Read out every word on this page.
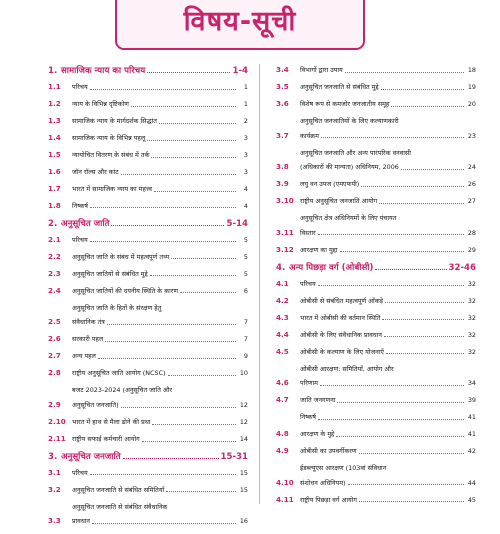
विषय-सूची
1. सामाजिक न्याय का परिचय	1-4
1.1	परिचय	1
1.2	न्याय के विभिन्न दृष्टिकोण	1
1.3	सामाजिक न्याय के मार्गदर्शक सिद्धांत	2
1.4	सामाजिक न्याय के विभिन्न पहलू	3
1.5	न्यायोचित वितरण के संबंध में तर्क	3
1.6	जॉन रॉल्स और कांट	3
1.7	भारत में सामाजिक न्याय का महत्त्व	4
1.8	निष्कर्ष	4
2. अनुसूचित जाति	5-14
2.1	परिचय	5
2.2	अनुसूचित जाति के संबंध में महत्वपूर्ण तथ्य	5
2.3	अनुसूचित जातियों से संबंधित मुद्दे	5
2.4	अनुसूचित जातियों की दयनीय स्थिति के कारण	6
2.5
अनुसूचित जाति के हितों के संरक्षण हेतु
संवैधानिक तंत्र	7
2.6	सरकारी पहल	7
2.7	अन्य पहल	9
2.8	राष्ट्रीय अनुसूचित जाति आयोग (NCSC)	10
2.9
बजट 2023-2024 (अनुसूचित जाति और
अनुसूचित जनजाति)	12
2.10 भारत में हाथ से मैला ढोने की प्रथा	12
2.11 राष्ट्रीय सफाई कर्मचारी आयोग	14
3. अनुसूचित जनजाति	15-31
3.1	परिचय	15
3.2	अनुसूचित जनजाति से संबंधित समितियाँ	15
3.3
अनुसूचित जनजाति से संबंधित संवैधानिक
प्रावधान	16
3.4	विभागों द्वारा उपाय	18
3.5	अनुसूचित जनजाति से संबंधित मुद्दे	19
3.6	विशेष रूप से कमजोर जनजातीय समूह	20
3.7
अनुसूचित जनजातियों के लिए कल्याणकारी
कार्यक्रम	23
3.8
अनुसूचित जनजाति और अन्य पारंपरिक वनवासी
(अधिकारों की मान्यता) अधिनियम, 2006	24
3.9	लघु वन उपज (एमएफपी)	26
3.10 राष्ट्रीय अनुसूचित जनजाति आयोग	27
3.11
अनुसूचित क्षेत्र अधिनियमों के लिए पंचायत
विस्तार	28
3.12 आरक्षण का मुद्दा	29
4. अन्य पिछड़ा वर्ग (ओबीसी)	32-46
4.1	परिचय	32
4.2	ओबीसी से संबंधित महत्वपूर्ण आँकड़े	32
4.3	भारत में ओबीसी की वर्तमान स्थिति	32
4.4	ओबीसी के लिए संवैधानिक प्रावधान	32
4.5	ओबीसी के कल्याण के लिए योजनाएँ	32
4.6
ओबीसी आरक्षण: समितियाँ, आयोग और
परिणाम	34
4.7	जाति जनगणना	39
निष्कर्ष	41
4.8	आरक्षण के मुद्दे	41
4.9	ओबीसी का उपवर्गीकरण	42
4.10
ईडब्ल्यूएस आरक्षण (103वां संविधान
संशोधन अधिनियम)	44
4.11 राष्ट्रीय पिछड़ा वर्ग आयोग	45
